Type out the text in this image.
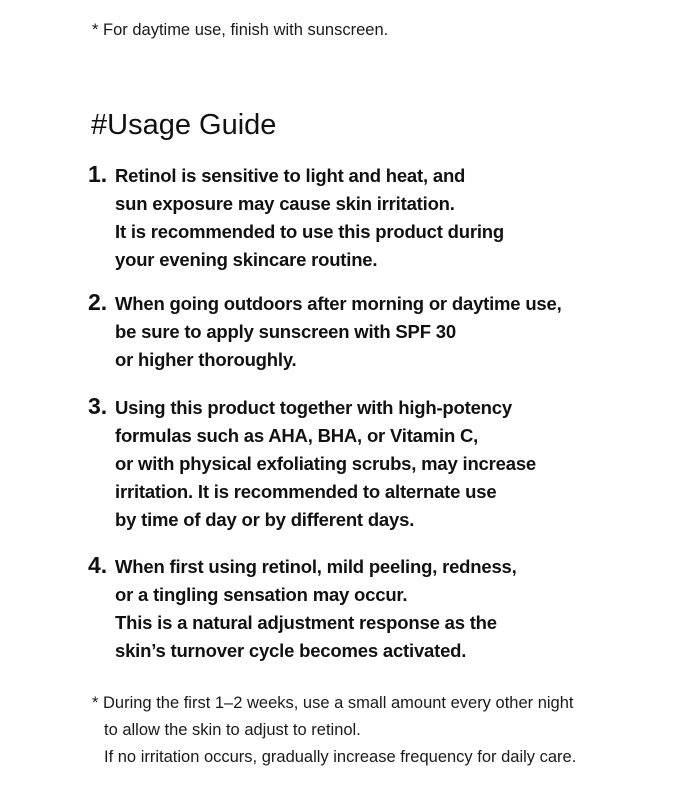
* For daytime use, finish with sunscreen.
#Usage Guide
1. Retinol is sensitive to light and heat, and
sun exposure may cause skin irritation.
It is recommended to use this product during
your evening skincare routine.
2. When going outdoors after morning or daytime use,
be sure to apply sunscreen with SPF 30
or higher thoroughly.
3. Using this product together with high-potency
formulas such as AHA, BHA, or Vitamin C,
or with physical exfoliating scrubs, may increase
irritation. It is recommended to alternate use
by time of day or by different days.
4. When first using retinol, mild peeling, redness,
or a tingling sensation may occur.
This is a natural adjustment response as the
skin’s turnover cycle becomes activated.
* During the first 1–2 weeks, use a small amount every other night
to allow the skin to adjust to retinol.
If no irritation occurs, gradually increase frequency for daily care.
